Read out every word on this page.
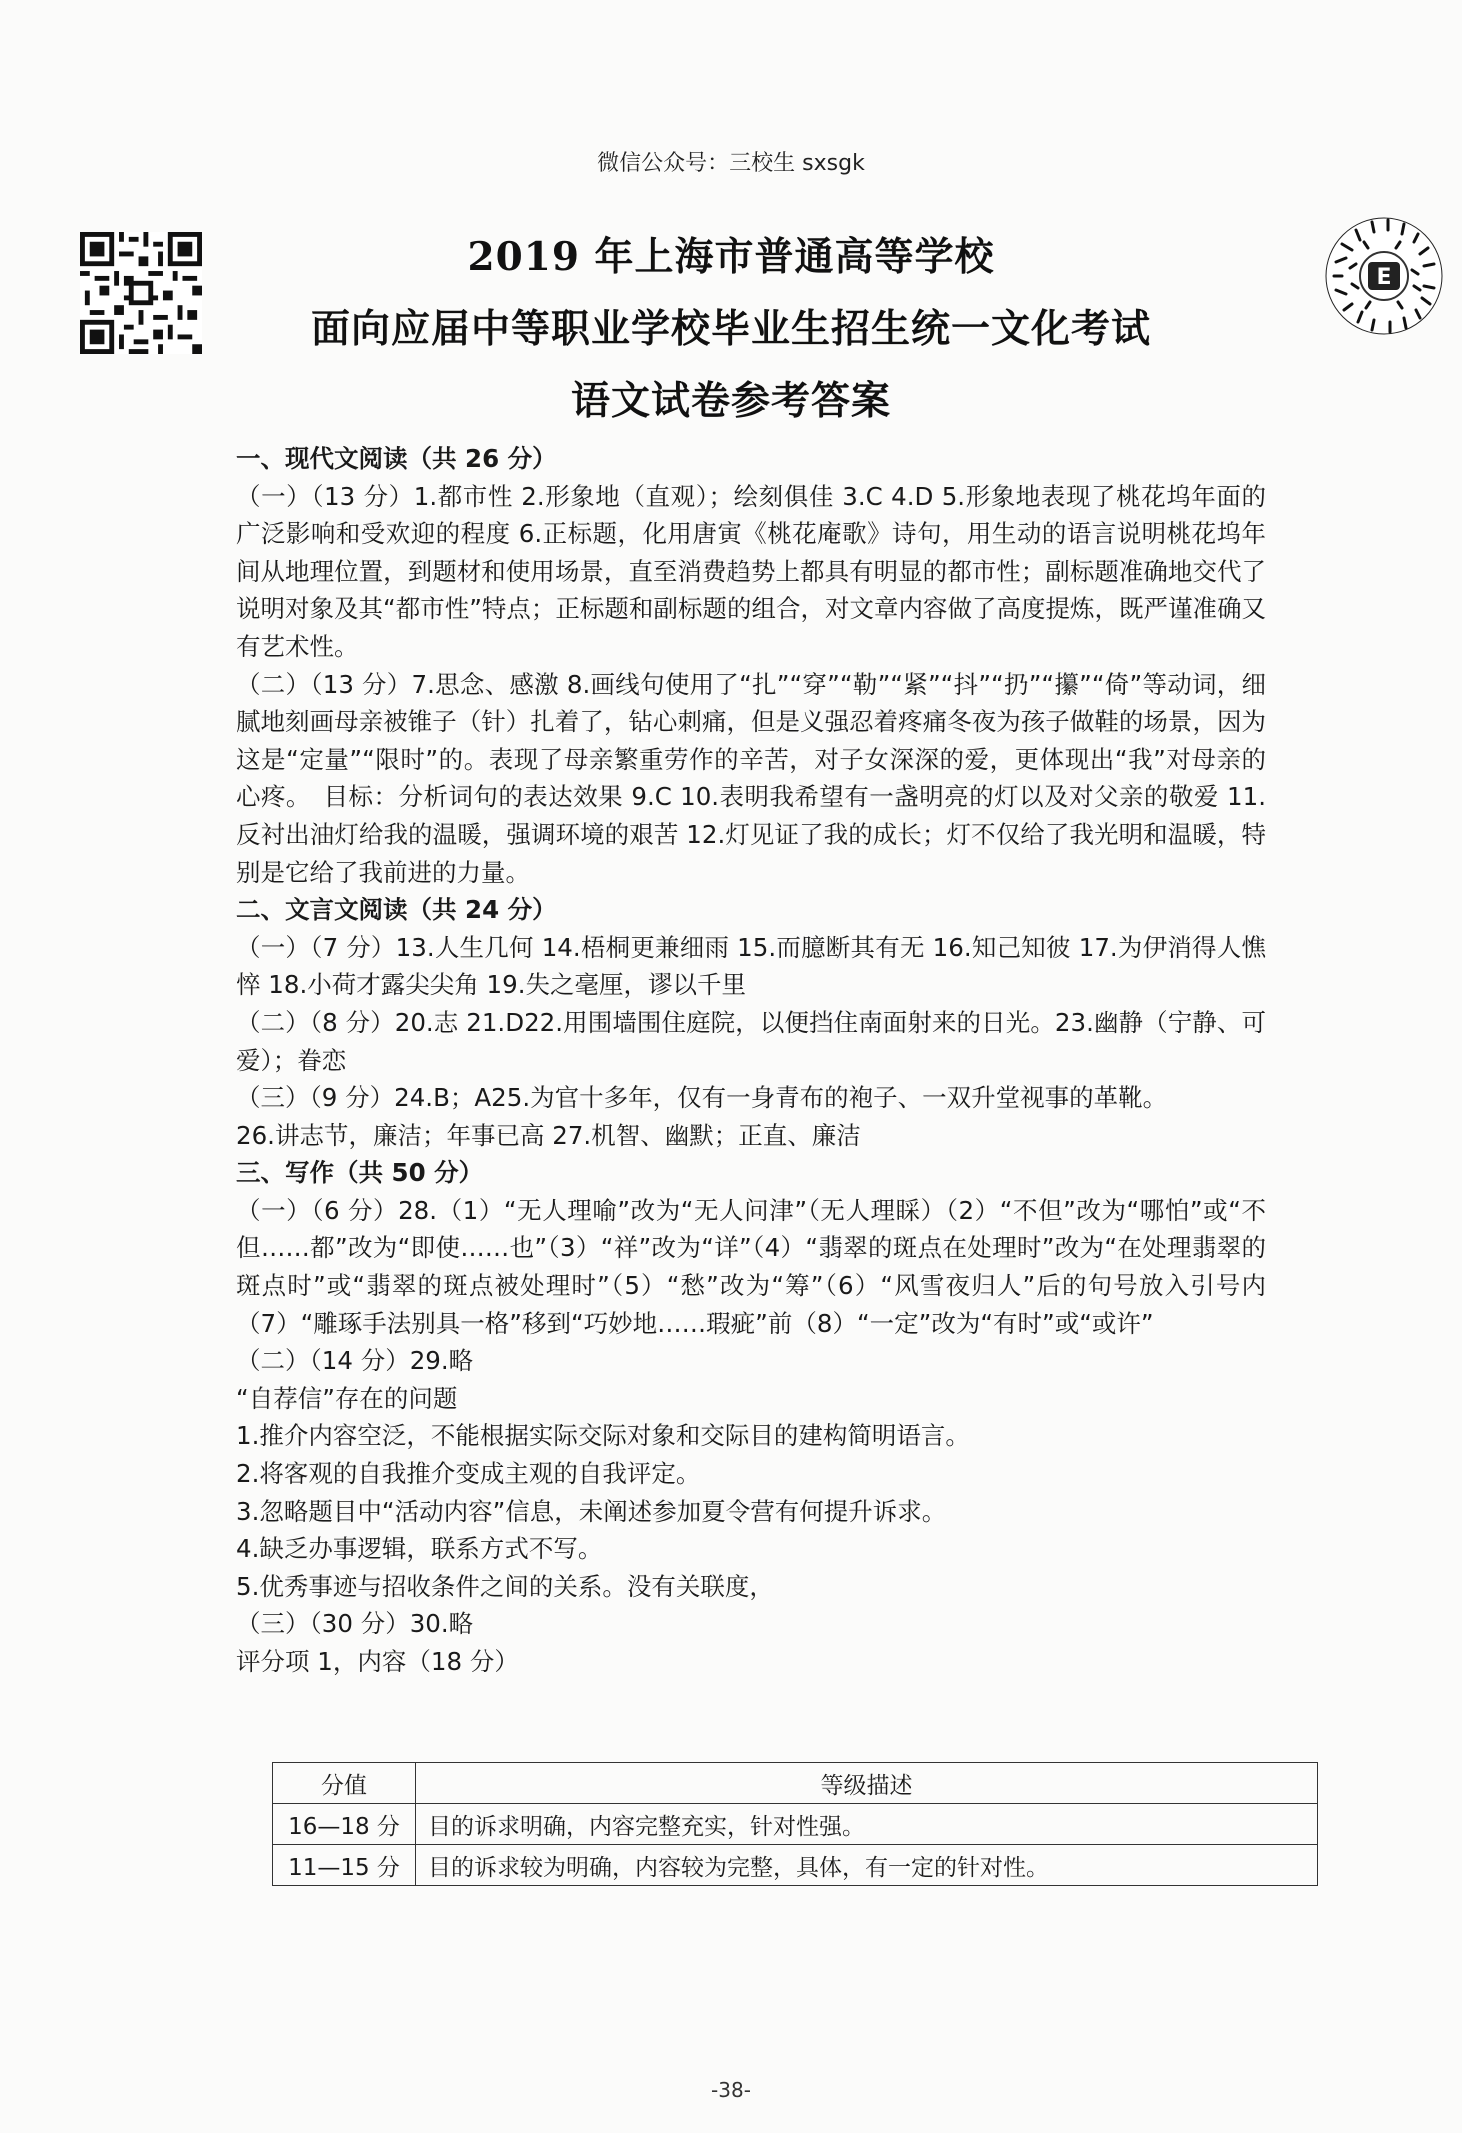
微信公众号：三校生 sxsgk
E
2019 年上海市普通高等学校
面向应届中等职业学校毕业生招生统一文化考试
语文试卷参考答案

一、现代文阅读（共 26 分）

（一）（13 分）1.都市性 2.形象地（直观）；绘刻俱佳 3.C 4.D 5.形象地表现了桃花坞年面的广泛影响和受欢迎的程度 6.正标题，化用唐寅《桃花庵歌》诗句，用生动的语言说明桃花坞年间从地理位置，到题材和使用场景，直至消费趋势上都具有明显的都市性；副标题准确地交代了说明对象及其“都市性”特点；正标题和副标题的组合，对文章内容做了高度提炼，既严谨准确又有艺术性。

（二）（13 分）7.思念、感激 8.画线句使用了“扎”“穿”“勒”“紧”“抖”“扔”“攥”“倚”等动词，细腻地刻画母亲被锥子（针）扎着了，钻心刺痛，但是义强忍着疼痛冬夜为孩子做鞋的场景，因为这是“定量”“限时”的。表现了母亲繁重劳作的辛苦，对子女深深的爱，更体现出“我”对母亲的心疼。　目标：分析词句的表达效果 9.C 10.表明我希望有一盏明亮的灯以及对父亲的敬爱 11.反衬出油灯给我的温暖，强调环境的艰苦 12.灯见证了我的成长；灯不仅给了我光明和温暖，特别是它给了我前进的力量。

二、文言文阅读（共 24 分）

（一）（7 分）13.人生几何 14.梧桐更兼细雨 15.而臆断其有无 16.知己知彼 17.为伊消得人憔悴 18.小荷才露尖尖角 19.失之毫厘，谬以千里

（二）（8 分）20.志 21.D22.用围墙围住庭院，以便挡住南面射来的日光。23.幽静（宁静、可爱）；眷恋

（三）（9 分）24.B；A25.为官十多年，仅有一身青布的袍子、一双升堂视事的革靴。

26.讲志节，廉洁；年事已高 27.机智、幽默；正直、廉洁

三、写作（共 50 分）

（一）（6 分）28.（1）“无人理喻”改为“无人问津”（无人理睬）（2）“不但”改为“哪怕”或“不但……都”改为“即使……也”（3）“祥”改为“详”（4）“翡翠的斑点在处理时”改为“在处理翡翠的斑点时”或“翡翠的斑点被处理时”（5）“愁”改为“筹”（6）“风雪夜归人”后的句号放入引号内（7）“雕琢手法别具一格”移到“巧妙地……瑕疵”前（8）“一定”改为“有时”或“或许”

（二）（14 分）29.略

“自荐信”存在的问题

1.推介内容空泛，不能根据实际交际对象和交际目的建构简明语言。

2.将客观的自我推介变成主观的自我评定。

3.忽略题目中“活动内容”信息，未阐述参加夏令营有何提升诉求。

4.缺乏办事逻辑，联系方式不写。

5.优秀事迹与招收条件之间的关系。没有关联度，

（三）（30 分）30.略

评分项 1，内容（18 分）

分值	等级描述
16—18 分	目的诉求明确，内容完整充实，针对性强。
11—15 分	目的诉求较为明确，内容较为完整，具体，有一定的针对性。
-38-
